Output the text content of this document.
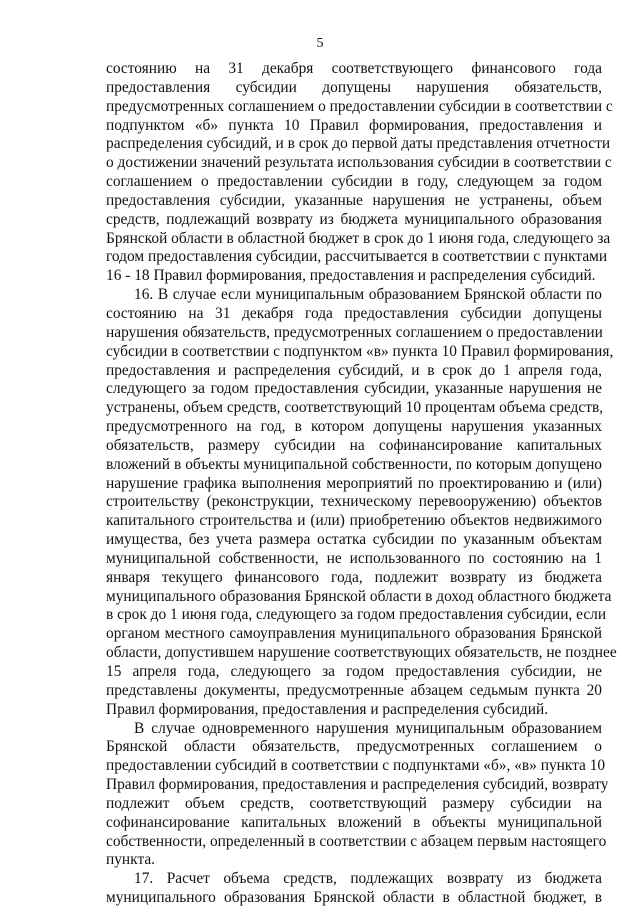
5
состоянию на 31 декабря соответствующего финансового года
предоставления субсидии допущены нарушения обязательств,
предусмотренных соглашением о предоставлении субсидии в соответствии с
подпунктом «б» пункта 10 Правил формирования, предоставления и
распределения субсидий, и в срок до первой даты представления отчетности
о достижении значений результата использования субсидии в соответствии с
соглашением о предоставлении субсидии в году, следующем за годом
предоставления субсидии, указанные нарушения не устранены, объем
средств, подлежащий возврату из бюджета муниципального образования
Брянской области в областной бюджет в срок до 1 июня года, следующего за
годом предоставления субсидии, рассчитывается в соответствии с пунктами
16 - 18 Правил формирования, предоставления и распределения субсидий.
16. В случае если муниципальным образованием Брянской области по
состоянию на 31 декабря года предоставления субсидии допущены
нарушения обязательств, предусмотренных соглашением о предоставлении
субсидии в соответствии с подпунктом «в» пункта 10 Правил формирования,
предоставления и распределения субсидий, и в срок до 1 апреля года,
следующего за годом предоставления субсидии, указанные нарушения не
устранены, объем средств, соответствующий 10 процентам объема средств,
предусмотренного на год, в котором допущены нарушения указанных
обязательств, размеру субсидии на софинансирование капитальных
вложений в объекты муниципальной собственности, по которым допущено
нарушение графика выполнения мероприятий по проектированию и (или)
строительству (реконструкции, техническому перевооружению) объектов
капитального строительства и (или) приобретению объектов недвижимого
имущества, без учета размера остатка субсидии по указанным объектам
муниципальной собственности, не использованного по состоянию на 1
января текущего финансового года, подлежит возврату из бюджета
муниципального образования Брянской области в доход областного бюджета
в срок до 1 июня года, следующего за годом предоставления субсидии, если
органом местного самоуправления муниципального образования Брянской
области, допустившем нарушение соответствующих обязательств, не позднее
15 апреля года, следующего за годом предоставления субсидии, не
представлены документы, предусмотренные абзацем седьмым пункта 20
Правил формирования, предоставления и распределения субсидий.
В случае одновременного нарушения муниципальным образованием
Брянской области обязательств, предусмотренных соглашением о
предоставлении субсидий в соответствии с подпунктами «б», «в» пункта 10
Правил формирования, предоставления и распределения субсидий, возврату
подлежит объем средств, соответствующий размеру субсидии на
софинансирование капитальных вложений в объекты муниципальной
собственности, определенный в соответствии с абзацем первым настоящего
пункта.
17. Расчет объема средств, подлежащих возврату из бюджета
муниципального образования Брянской области в областной бюджет, в
